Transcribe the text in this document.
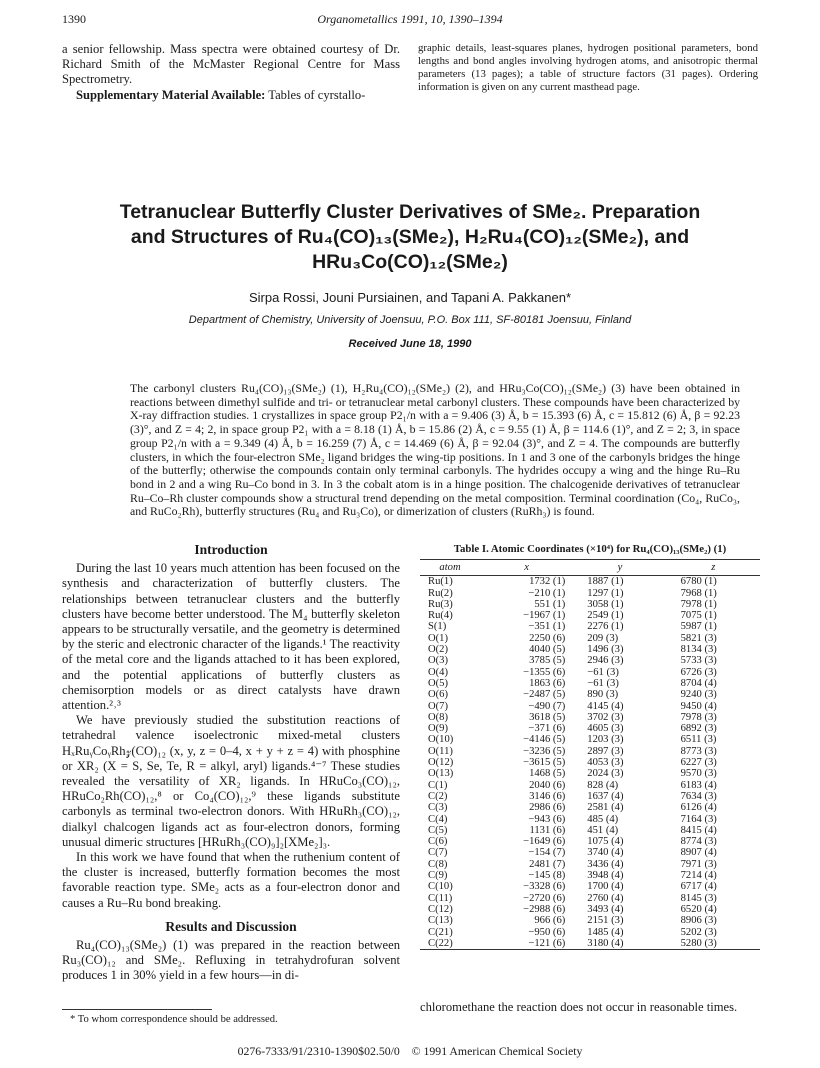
1390	Organometallics 1991, 10, 1390–1394

a senior fellowship. Mass spectra were obtained courtesy of Dr. Richard Smith of the McMaster Regional Centre for Mass Spectrometry.

Supplementary Material Available: Tables of cyrstallo-

graphic details, least-squares planes, hydrogen positional parameters, bond lengths and bond angles involving hydrogen atoms, and anisotropic thermal parameters (13 pages); a table of structure factors (31 pages). Ordering information is given on any current masthead page.
Tetranuclear Butterfly Cluster Derivatives of SMe₂. Preparation
and Structures of Ru₄(CO)₁₃(SMe₂), H₂Ru₄(CO)₁₂(SMe₂), and
HRu₃Co(CO)₁₂(SMe₂)
Sirpa Rossi, Jouni Pursiainen, and Tapani A. Pakkanen*
Department of Chemistry, University of Joensuu, P.O. Box 111, SF-80181 Joensuu, Finland
Received June 18, 1990
The carbonyl clusters Ru₄(CO)₁₃(SMe₂) (1), H₂Ru₄(CO)₁₂(SMe₂) (2), and HRu₃Co(CO)₁₂(SMe₂) (3) have been obtained in reactions between dimethyl sulfide and tri- or tetranuclear metal carbonyl clusters. These compounds have been characterized by X-ray diffraction studies. 1 crystallizes in space group P2₁/n with a = 9.406 (3) Å, b = 15.393 (6) Å, c = 15.812 (6) Å, β = 92.23 (3)°, and Z = 4; 2, in space group P2₁ with a = 8.18 (1) Å, b = 15.86 (2) Å, c = 9.55 (1) Å, β = 114.6 (1)°, and Z = 2; 3, in space group P2₁/n with a = 9.349 (4) Å, b = 16.259 (7) Å, c = 14.469 (6) Å, β = 92.04 (3)°, and Z = 4. The compounds are butterfly clusters, in which the four-electron SMe₂ ligand bridges the wing-tip positions. In 1 and 3 one of the carbonyls bridges the hinge of the butterfly; otherwise the compounds contain only terminal carbonyls. The hydrides occupy a wing and the hinge Ru–Ru bond in 2 and a wing Ru–Co bond in 3. In 3 the cobalt atom is in a hinge position. The chalcogenide derivatives of tetranuclear Ru–Co–Rh cluster compounds show a structural trend depending on the metal composition. Terminal coordination (Co₄, RuCo₃, and RuCo₂Rh), butterfly structures (Ru₄ and Ru₃Co), or dimerization of clusters (RuRh₃) is found.
Introduction

During the last 10 years much attention has been focused on the synthesis and characterization of butterfly clusters. The relationships between tetranuclear clusters and the butterfly clusters have become better understood. The M₄ butterfly skeleton appears to be structurally versatile, and the geometry is determined by the steric and electronic character of the ligands.¹ The reactivity of the metal core and the ligands attached to it has been explored, and the potential applications of butterfly clusters as chemisorption models or as direct catalysts have drawn attention.²˒³

We have previously studied the substitution reactions of tetrahedral valence isoelectronic mixed-metal clusters HₓRuᵧCoᵧRh𝓏(CO)₁₂ (x, y, z = 0–4, x + y + z = 4) with phosphine or XR₂ (X = S, Se, Te, R = alkyl, aryl) ligands.⁴⁻⁷ These studies revealed the versatility of XR₂ ligands. In HRuCo₃(CO)₁₂, HRuCo₂Rh(CO)₁₂,⁸ or Co₄(CO)₁₂,⁹ these ligands substitute carbonyls as terminal two-electron donors. With HRuRh₃(CO)₁₂, dialkyl chalcogen ligands act as four-electron donors, forming unusual dimeric structures [HRuRh₃(CO)₉]₂[XMe₂]₃.

In this work we have found that when the ruthenium content of the cluster is increased, butterfly formation becomes the most favorable reaction type. SMe₂ acts as a four-electron donor and causes a Ru–Ru bond breaking.

Results and Discussion

Ru₄(CO)₁₃(SMe₂) (1) was prepared in the reaction between Ru₃(CO)₁₂ and SMe₂. Refluxing in tetrahydrofuran solvent produces 1 in 30% yield in a few hours—in di-

Table I. Atomic Coordinates (×10⁴) for Ru₄(CO)₁₃(SMe₂) (1)
atom	x	y	z
Ru(1)	1732 (1)	1887 (1)	6780 (1)
Ru(2)	−210 (1)	1297 (1)	7968 (1)
Ru(3)	551 (1)	3058 (1)	7978 (1)
Ru(4)	−1967 (1)	2549 (1)	7075 (1)
S(1)	−351 (1)	2276 (1)	5987 (1)
O(1)	2250 (6)	209 (3)	5821 (3)
O(2)	4040 (5)	1496 (3)	8134 (3)
O(3)	3785 (5)	2946 (3)	5733 (3)
O(4)	−1355 (6)	−61 (3)	6726 (3)
O(5)	1863 (6)	−61 (3)	8704 (4)
O(6)	−2487 (5)	890 (3)	9240 (3)
O(7)	−490 (7)	4145 (4)	9450 (4)
O(8)	3618 (5)	3702 (3)	7978 (3)
O(9)	−371 (6)	4605 (3)	6892 (3)
O(10)	−4146 (5)	1203 (3)	6511 (3)
O(11)	−3236 (5)	2897 (3)	8773 (3)
O(12)	−3615 (5)	4053 (3)	6227 (3)
O(13)	1468 (5)	2024 (3)	9570 (3)
C(1)	2040 (6)	828 (4)	6183 (4)
C(2)	3146 (6)	1637 (4)	7634 (3)
C(3)	2986 (6)	2581 (4)	6126 (4)
C(4)	−943 (6)	485 (4)	7164 (3)
C(5)	1131 (6)	451 (4)	8415 (4)
C(6)	−1649 (6)	1075 (4)	8774 (3)
C(7)	−154 (7)	3740 (4)	8907 (4)
C(8)	2481 (7)	3436 (4)	7971 (3)
C(9)	−145 (8)	3948 (4)	7214 (4)
C(10)	−3328 (6)	1700 (4)	6717 (4)
C(11)	−2720 (6)	2760 (4)	8145 (3)
C(12)	−2988 (6)	3493 (4)	6520 (4)
C(13)	966 (6)	2151 (3)	8906 (3)
C(21)	−950 (6)	1485 (4)	5202 (3)
C(22)	−121 (6)	3180 (4)	5280 (3)
chloromethane the reaction does not occur in reasonable times.
* To whom correspondence should be addressed.
0276-7333/91/2310-1390$02.50/0 © 1991 American Chemical Society
